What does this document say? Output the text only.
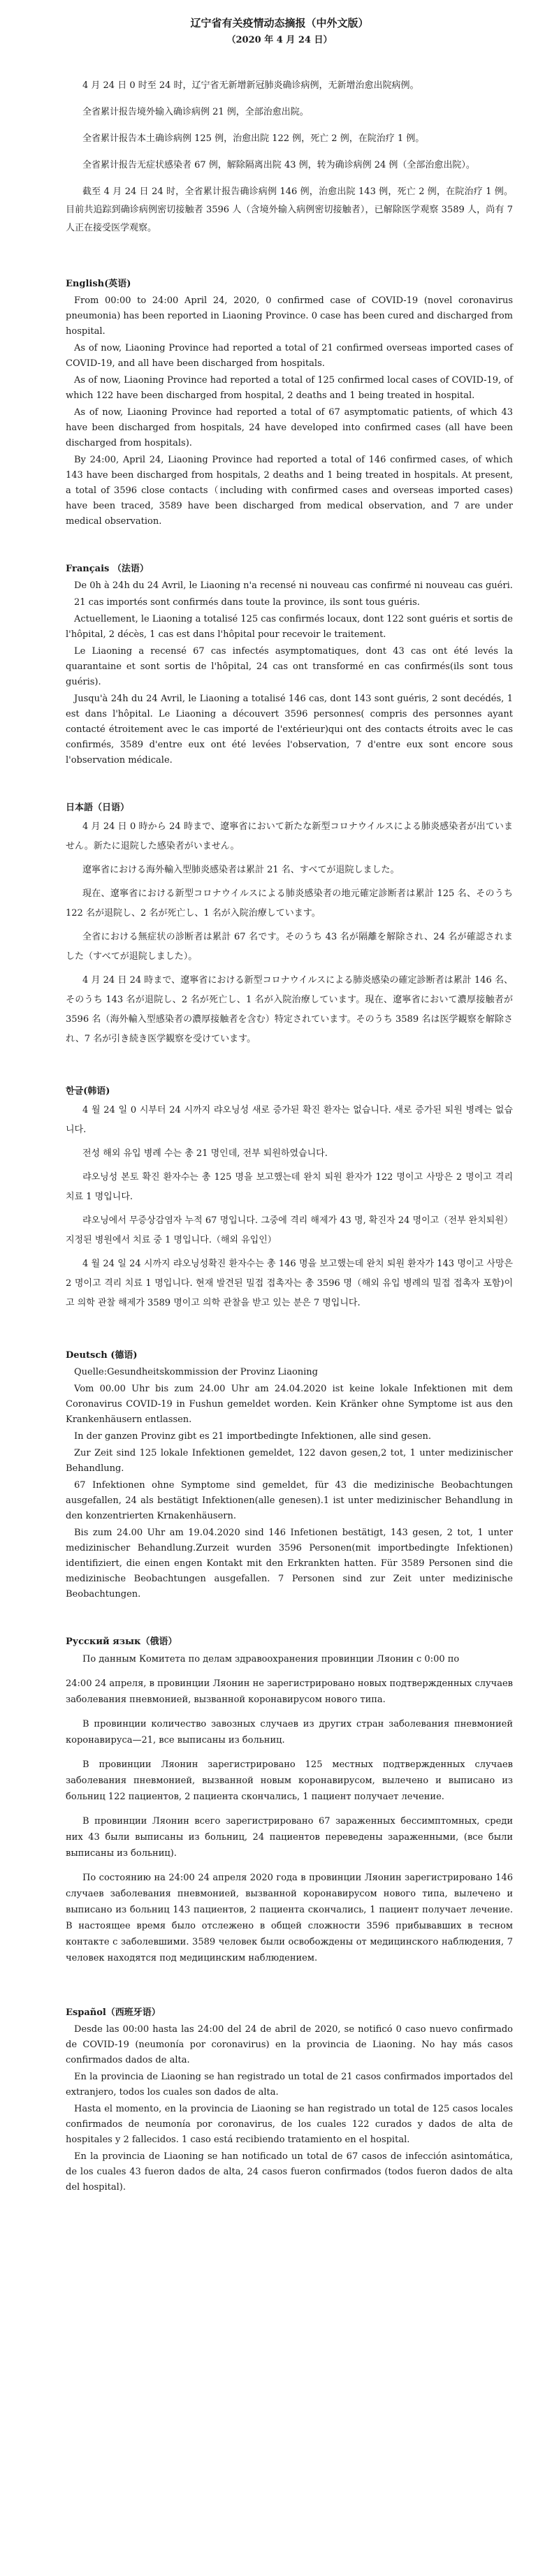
辽宁省有关疫情动态摘报（中外文版）

（2020 年 4 月 24 日）

4 月 24 日 0 时至 24 时，辽宁省无新增新冠肺炎确诊病例，无新增治愈出院病例。

全省累计报告境外输入确诊病例 21 例，全部治愈出院。

全省累计报告本土确诊病例 125 例，治愈出院 122 例，死亡 2 例，在院治疗 1 例。

全省累计报告无症状感染者 67 例，解除隔离出院 43 例，转为确诊病例 24 例（全部治愈出院）。

截至 4 月 24 日 24 时，全省累计报告确诊病例 146 例，治愈出院 143 例，死亡 2 例，在院治疗 1 例。目前共追踪到确诊病例密切接触者 3596 人（含境外输入病例密切接触者），已解除医学观察 3589 人，尚有 7 人正在接受医学观察。

English(英语)

From 00:00 to 24:00 April 24, 2020, 0 confirmed case of COVID-19 (novel coronavirus pneumonia) has been reported in Liaoning Province. 0 case has been cured and discharged from hospital.

As of now, Liaoning Province had reported a total of 21 confirmed overseas imported cases of COVID-19, and all have been discharged from hospitals.

As of now, Liaoning Province had reported a total of 125 confirmed local cases of COVID-19, of which 122 have been discharged from hospital, 2 deaths and 1 being treated in hospital.

As of now, Liaoning Province had reported a total of 67 asymptomatic patients, of which 43 have been discharged from hospitals, 24 have developed into confirmed cases (all have been discharged from hospitals).

By 24:00, April 24, Liaoning Province had reported a total of 146 confirmed cases, of which 143 have been discharged from hospitals, 2 deaths and 1 being treated in hospitals. At present, a total of 3596 close contacts（including with confirmed cases and overseas imported cases) have been traced, 3589 have been discharged from medical observation, and 7 are under medical observation.

Français （法语）

De 0h à 24h du 24 Avril, le Liaoning n'a recensé ni nouveau cas confirmé ni nouveau cas guéri.

21 cas importés sont confirmés dans toute la province, ils sont tous guéris.

Actuellement, le Liaoning a totalisé 125 cas confirmés locaux, dont 122 sont guéris et sortis de l'hôpital, 2 décès, 1 cas est dans l'hôpital pour recevoir le traitement.

Le Liaoning a recensé 67 cas infectés asymptomatiques, dont 43 cas ont été levés la quarantaine et sont sortis de l'hôpital, 24 cas ont transformé en cas confirmés(ils sont tous guéris).

Jusqu'à 24h du 24 Avril, le Liaoning a totalisé 146 cas, dont 143 sont guéris, 2 sont decédés, 1 est dans l'hôpital. Le Liaoning a découvert 3596 personnes( compris des personnes ayant contacté étroitement avec le cas importé de l'extérieur)qui ont des contacts étroits avec le cas confirmés, 3589 d'entre eux ont été levées l'observation, 7 d'entre eux sont encore sous l'observation médicale.

日本語（日语）

4 月 24 日 0 時から 24 時まで、遼寧省において新たな新型コロナウイルスによる肺炎感染者が出ていません。新たに退院した感染者がいません。

遼寧省における海外輸入型肺炎感染者は累計 21 名、すべてが退院しました。

現在、遼寧省における新型コロナウイルスによる肺炎感染者の地元確定診断者は累計 125 名、そのうち 122 名が退院し、2 名が死亡し、1 名が入院治療しています。

全省における無症状の診断者は累計 67 名です。そのうち 43 名が隔離を解除され、24 名が確認されました（すべてが退院しました）。

4 月 24 日 24 時まで、遼寧省における新型コロナウイルスによる肺炎感染の確定診断者は累計 146 名、そのうち 143 名が退院し、2 名が死亡し、1 名が入院治療しています。現在、遼寧省において濃厚接触者が 3596 名（海外輸入型感染者の濃厚接触者を含む）特定されています。そのうち 3589 名は医学観察を解除され、7 名が引き続き医学観察を受けています。

한글(韩语)

4 월 24 일 0 시부터 24 시까지 랴오닝성 새로 증가된 확진 환자는 없습니다. 새로 증가된 퇴원 병례는 없습니다.

전성 해외 유입 병례 수는 총 21 명인데, 전부 퇴원하였습니다.

랴오닝성 본토 확진 환자수는 총 125 명을 보고했는데 완치 퇴원 환자가 122 명이고 사망은 2 명이고 격리 치료 1 명입니다.

랴오닝에서 무증상감염자 누적 67 명입니다. 그중에 격리 해제가 43 명, 확진자 24 명이고（전부 완치퇴원）지정된 병원에서 치료 중 1 명입니다.（해외 유입인）

4 월 24 일 24 시까지 랴오닝성확진 환자수는 총 146 명을 보고했는데 완치 퇴원 환자가 143 명이고 사망은 2 명이고 격리 치료 1 명입니다. 현재 발견된 밀접 접촉자는 총 3596 명（해외 유입 병례의 밀접 접촉자 포함)이고 의학 관찰 해제가 3589 명이고 의학 관찰을 받고 있는 분은 7 명입니다.

Deutsch (德语)

Quelle:Gesundheitskommission der Provinz Liaoning

Vom 00.00 Uhr bis zum 24.00 Uhr am 24.04.2020 ist keine lokale Infektionen mit dem Coronavirus COVID-19 in Fushun gemeldet worden. Kein Kränker ohne Symptome ist aus den Krankenhäusern entlassen.

In der ganzen Provinz gibt es 21 importbedingte Infektionen, alle sind gesen.

Zur Zeit sind 125 lokale Infektionen gemeldet, 122 davon gesen,2 tot, 1 unter medizinischer Behandlung.

67 Infektionen ohne Symptome sind gemeldet, für 43 die medizinische Beobachtungen ausgefallen, 24 als bestätigt Infektionen(alle genesen).1 ist unter medizinischer Behandlung in den konzentrierten Krnakenhäusern.

Bis zum 24.00 Uhr am 19.04.2020 sind 146 Infetionen bestätigt, 143 gesen, 2 tot, 1 unter medizinischer Behandlung.Zurzeit wurden 3596 Personen(mit importbedingte Infektionen) identifiziert, die einen engen Kontakt mit den Erkrankten hatten. Für 3589 Personen sind die medizinische Beobachtungen ausgefallen. 7 Personen sind zur Zeit unter medizinische Beobachtungen.

Русский язык（俄语）

По данным Комитета по делам здравоохранения провинции Ляонин с 0:00 по

24:00 24 апреля, в провинции Ляонин не зарегистрировано новых подтвержденных случаев заболевания пневмонией, вызванной коронавирусом нового типа.

В провинции количество завозных случаев из других стран заболевания пневмонией коронавируса—21, все выписаны из больниц.

В провинции Ляонин зарегистрировано 125 местных подтвержденных случаев заболевания пневмонией, вызванной новым коронавирусом, вылечено и выписано из больниц 122 пациентов, 2 пациента скончались, 1 пациент получает лечение.

В провинции Ляонин всего зарегистрировано 67 зараженных бессимптомных, среди них 43 были выписаны из больниц, 24 пациентов переведены зараженными, (все были выписаны из больниц).

По состоянию на 24:00 24 апреля 2020 года в провинции Ляонин зарегистрировано 146 случаев заболевания пневмонией, вызванной коронавирусом нового типа, вылечено и выписано из больниц 143 пациентов, 2 пациента скончались, 1 пациент получает лечение. В настоящее время было отслежено в общей сложности 3596 прибывавших в тесном контакте с заболевшими. 3589 человек были освобождены от медицинского наблюдения, 7 человек находятся под медицинским наблюдением.

Español（西班牙语）

Desde las 00:00 hasta las 24:00 del 24 de abril de 2020, se notificó 0 caso nuevo confirmado de COVID-19 (neumonía por coronavirus) en la provincia de Liaoning. No hay más casos confirmados dados de alta.

En la provincia de Liaoning se han registrado un total de 21 casos confirmados importados del extranjero, todos los cuales son dados de alta.

Hasta el momento, en la provincia de Liaoning se han registrado un total de 125 casos locales confirmados de neumonía por coronavirus, de los cuales 122 curados y dados de alta de hospitales y 2 fallecidos. 1 caso está recibiendo tratamiento en el hospital.

En la provincia de Liaoning se han notificado un total de 67 casos de infección asintomática, de los cuales 43 fueron dados de alta, 24 casos fueron confirmados (todos fueron dados de alta del hospital).
